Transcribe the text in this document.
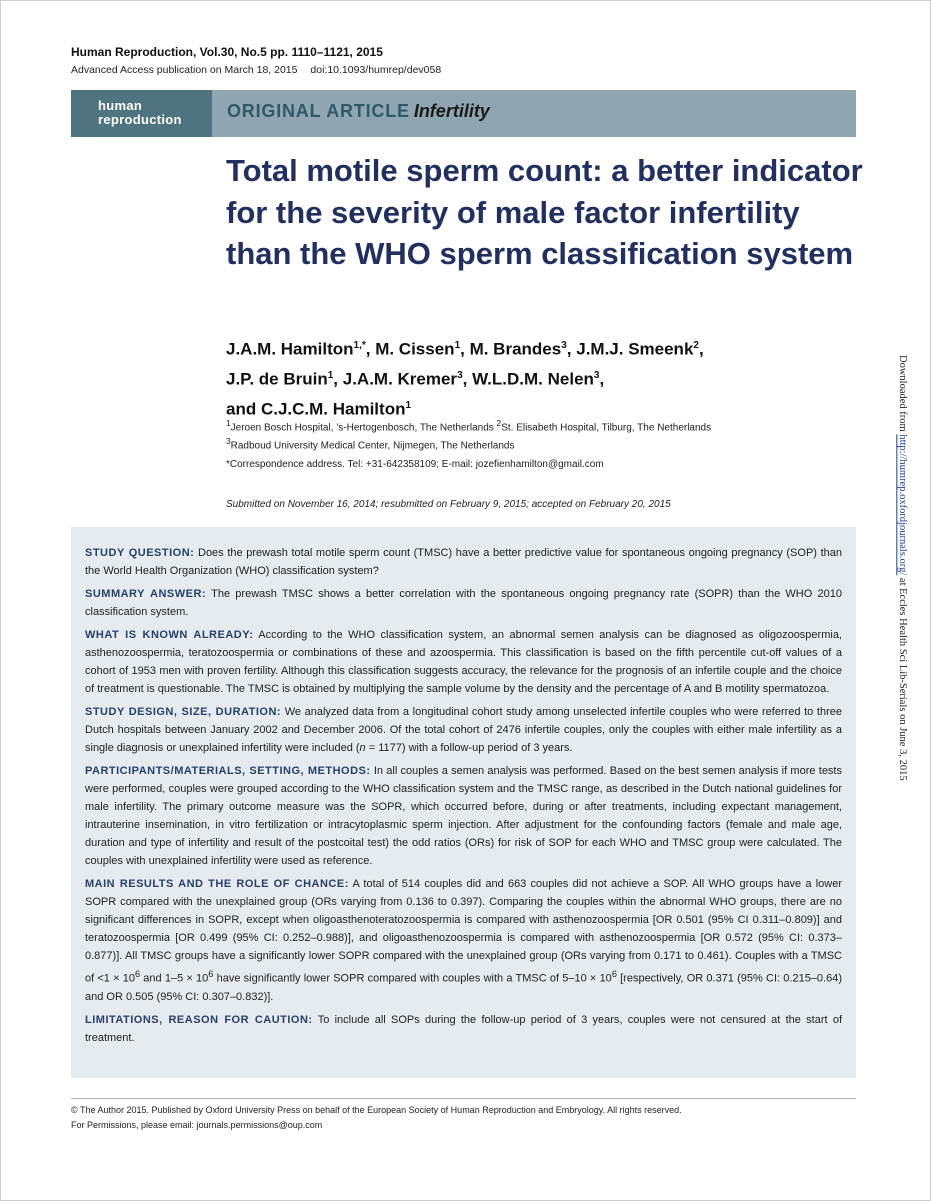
Human Reproduction, Vol.30, No.5 pp. 1110–1121, 2015
Advanced Access publication on March 18, 2015 doi:10.1093/humrep/dev058
human
reproduction	ORIGINAL ARTICLE Infertility
Total motile sperm count: a better indicator for the severity of male factor infertility than the WHO sperm classification system
J.A.M. Hamilton$^{1,*}$, M. Cissen$^1$, M. Brandes$^3$, J.M.J. Smeenk$^2$,
J.P. de Bruin$^1$, J.A.M. Kremer$^3$, W.L.D.M. Nelen$^3$,
and C.J.C.M. Hamilton$^1$
$^1$Jeroen Bosch Hospital, ’s-Hertogenbosch, The Netherlands $^2$St. Elisabeth Hospital, Tilburg, The Netherlands
$^3$Radboud University Medical Center, Nijmegen, The Netherlands
*Correspondence address. Tel: +31-642358109; E-mail: jozefienhamilton@gmail.com
Submitted on November 16, 2014; resubmitted on February 9, 2015; accepted on February 20, 2015
Downloaded from http://humrep.oxfordjournals.org/ at Eccles Health Sci Lib-Serials on June 3, 2015

STUDY QUESTION: Does the prewash total motile sperm count (TMSC) have a better predictive value for spontaneous ongoing pregnancy (SOP) than the World Health Organization (WHO) classification system?

SUMMARY ANSWER: The prewash TMSC shows a better correlation with the spontaneous ongoing pregnancy rate (SOPR) than the WHO 2010 classification system.

WHAT IS KNOWN ALREADY: According to the WHO classification system, an abnormal semen analysis can be diagnosed as oligozoospermia, asthenozoospermia, teratozoospermia or combinations of these and azoospermia. This classification is based on the fifth percentile cut-off values of a cohort of 1953 men with proven fertility. Although this classification suggests accuracy, the relevance for the prognosis of an infertile couple and the choice of treatment is questionable. The TMSC is obtained by multiplying the sample volume by the density and the percentage of A and B motility spermatozoa.

STUDY DESIGN, SIZE, DURATION: We analyzed data from a longitudinal cohort study among unselected infertile couples who were referred to three Dutch hospitals between January 2002 and December 2006. Of the total cohort of 2476 infertile couples, only the couples with either male infertility as a single diagnosis or unexplained infertility were included (n = 1177) with a follow-up period of 3 years.

PARTICIPANTS/MATERIALS, SETTING, METHODS: In all couples a semen analysis was performed. Based on the best semen analysis if more tests were performed, couples were grouped according to the WHO classification system and the TMSC range, as described in the Dutch national guidelines for male infertility. The primary outcome measure was the SOPR, which occurred before, during or after treatments, including expectant management, intrauterine insemination, in vitro fertilization or intracytoplasmic sperm injection. After adjustment for the confounding factors (female and male age, duration and type of infertility and result of the postcoital test) the odd ratios (ORs) for risk of SOP for each WHO and TMSC group were calculated. The couples with unexplained infertility were used as reference.

MAIN RESULTS AND THE ROLE OF CHANCE: A total of 514 couples did and 663 couples did not achieve a SOP. All WHO groups have a lower SOPR compared with the unexplained group (ORs varying from 0.136 to 0.397). Comparing the couples within the abnormal WHO groups, there are no significant differences in SOPR, except when oligoasthenoteratozoospermia is compared with asthenozoospermia [OR 0.501 (95% CI 0.311–0.809)] and teratozoospermia [OR 0.499 (95% CI: 0.252–0.988)], and oligoasthenozoospermia is compared with asthenozoospermia [OR 0.572 (95% CI: 0.373–0.877)]. All TMSC groups have a significantly lower SOPR compared with the unexplained group (ORs varying from 0.171 to 0.461). Couples with a TMSC of $<1 \times 10^6$ and $1-5 \times 10^6$ have significantly lower SOPR compared with couples with a TMSC of $5-10 \times 10^6$ [respectively, OR 0.371 (95% CI: 0.215–0.64) and OR 0.505 (95% CI: 0.307–0.832)].

LIMITATIONS, REASON FOR CAUTION: To include all SOPs during the follow-up period of 3 years, couples were not censured at the start of treatment.

© The Author 2015. Published by Oxford University Press on behalf of the European Society of Human Reproduction and Embryology. All rights reserved.
For Permissions, please email: journals.permissions@oup.com
